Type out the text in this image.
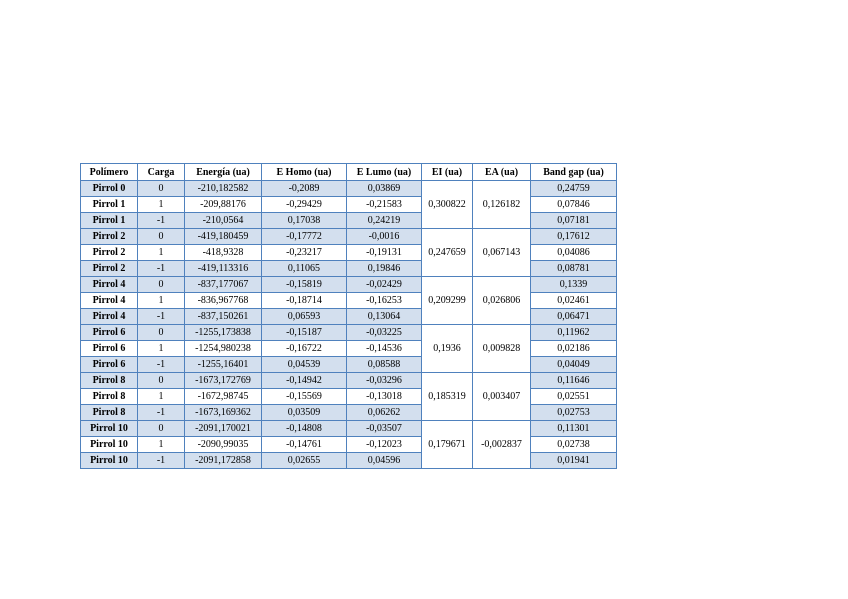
Polímero	Carga	Energía (ua)	E Homo (ua)	E Lumo (ua)	EI (ua)	EA (ua)	Band gap (ua)
Pirrol 0	0	-210,182582	-0,2089	0,03869	0,300822	0,126182	0,24759
Pirrol 1	1	-209,88176	-0,29429	-0,21583			0,07846
Pirrol 1	-1	-210,0564	0,17038	0,24219			0,07181
Pirrol 2	0	-419,180459	-0,17772	-0,0016	0,247659	0,067143	0,17612
Pirrol 2	1	-418,9328	-0,23217	-0,19131			0,04086
Pirrol 2	-1	-419,113316	0,11065	0,19846			0,08781
Pirrol 4	0	-837,177067	-0,15819	-0,02429	0,209299	0,026806	0,1339
Pirrol 4	1	-836,967768	-0,18714	-0,16253			0,02461
Pirrol 4	-1	-837,150261	0,06593	0,13064			0,06471
Pirrol 6	0	-1255,173838	-0,15187	-0,03225	0,1936	0,009828	0,11962
Pirrol 6	1	-1254,980238	-0,16722	-0,14536			0,02186
Pirrol 6	-1	-1255,16401	0,04539	0,08588			0,04049
Pirrol 8	0	-1673,172769	-0,14942	-0,03296	0,185319	0,003407	0,11646
Pirrol 8	1	-1672,98745	-0,15569	-0,13018			0,02551
Pirrol 8	-1	-1673,169362	0,03509	0,06262			0,02753
Pirrol 10	0	-2091,170021	-0,14808	-0,03507	0,179671	-0,002837	0,11301
Pirrol 10	1	-2090,99035	-0,14761	-0,12023			0,02738
Pirrol 10	-1	-2091,172858	0,02655	0,04596			0,01941
